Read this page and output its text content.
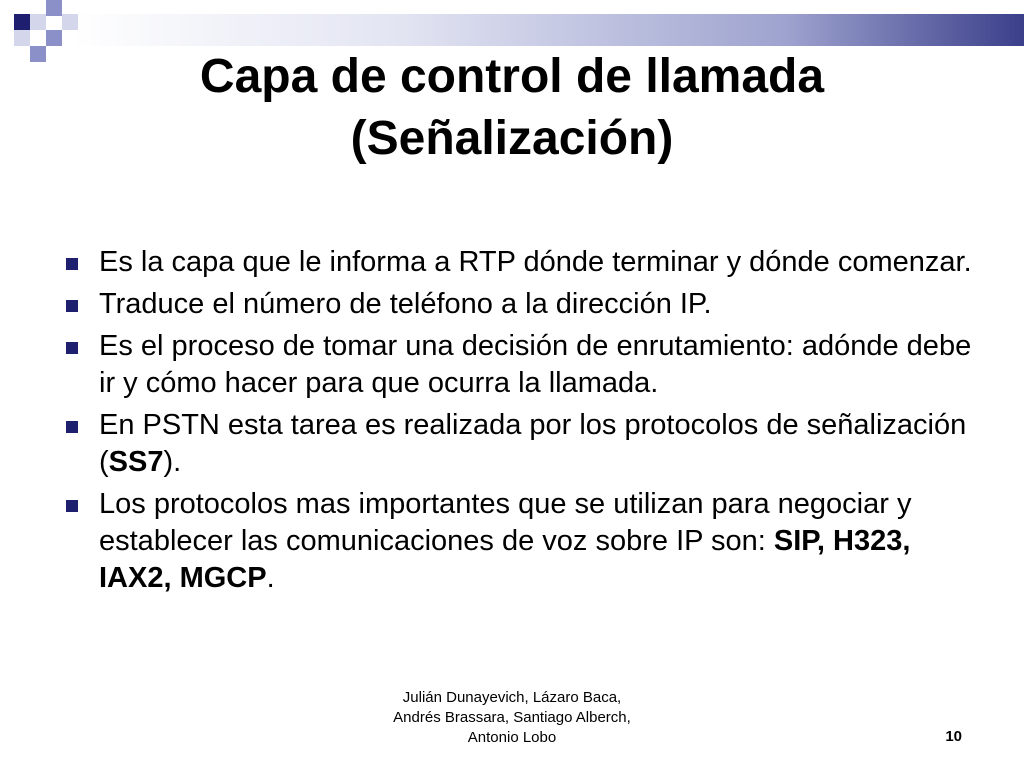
Capa de control de llamada
(Señalización)
Es la capa que le informa a RTP dónde terminar y dónde comenzar.
Traduce el número de teléfono a la dirección IP.
Es el proceso de tomar una decisión de enrutamiento: adónde debe ir y cómo hacer para que ocurra la llamada.
En PSTN esta tarea es realizada por los protocolos de señalización (SS7).
Los protocolos mas importantes que se utilizan para negociar y establecer las comunicaciones de voz sobre IP son: SIP, H323, IAX2, MGCP.
Julián Dunayevich, Lázaro Baca,
Andrés Brassara, Santiago Alberch,
Antonio Lobo	10
